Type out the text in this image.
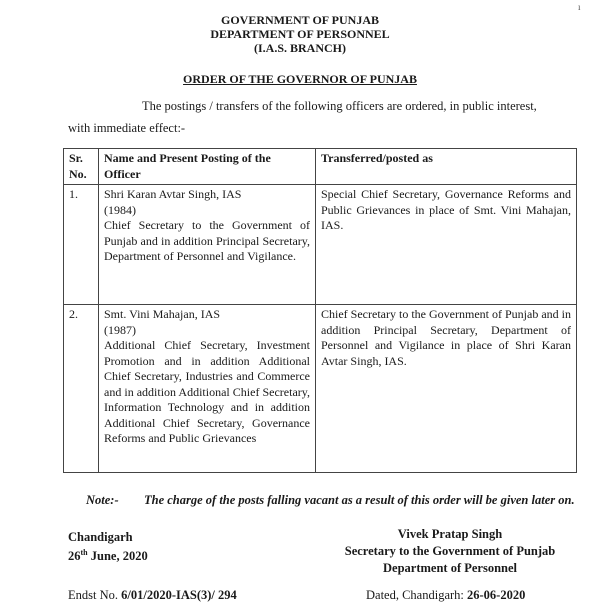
ı
GOVERNMENT OF PUNJAB
DEPARTMENT OF PERSONNEL
(I.A.S. BRANCH)
ORDER OF THE GOVERNOR OF PUNJAB
The postings / transfers of the following officers are ordered, in public interest,
with immediate effect:-
Sr. No.	Name and Present Posting of the Officer	Transferred/posted as
1.	Shri Karan Avtar Singh, IAS
(1984)
Chief Secretary to the Government of Punjab and in addition Principal Secretary, Department of Personnel and Vigilance.	Special Chief Secretary, Governance Reforms and Public Grievances in place of Smt. Vini Mahajan, IAS.
2.	Smt. Vini Mahajan, IAS
(1987)
Additional Chief Secretary, Investment Promotion and in addition Additional Chief Secretary, Industries and Commerce and in addition Additional Chief Secretary, Information Technology and in addition Additional Chief Secretary, Governance Reforms and Public Grievances	Chief Secretary to the Government of Punjab and in addition Principal Secretary, Department of Personnel and Vigilance in place of Shri Karan Avtar Singh, IAS.
Note:- The charge of the posts falling vacant as a result of this order will be given later on.
Chandigarh
26th June, 2020
Vivek Pratap Singh
Secretary to the Government of Punjab
Department of Personnel
Endst No. 6/01/2020-IAS(3)/ 294	Dated, Chandigarh: 26-06-2020
